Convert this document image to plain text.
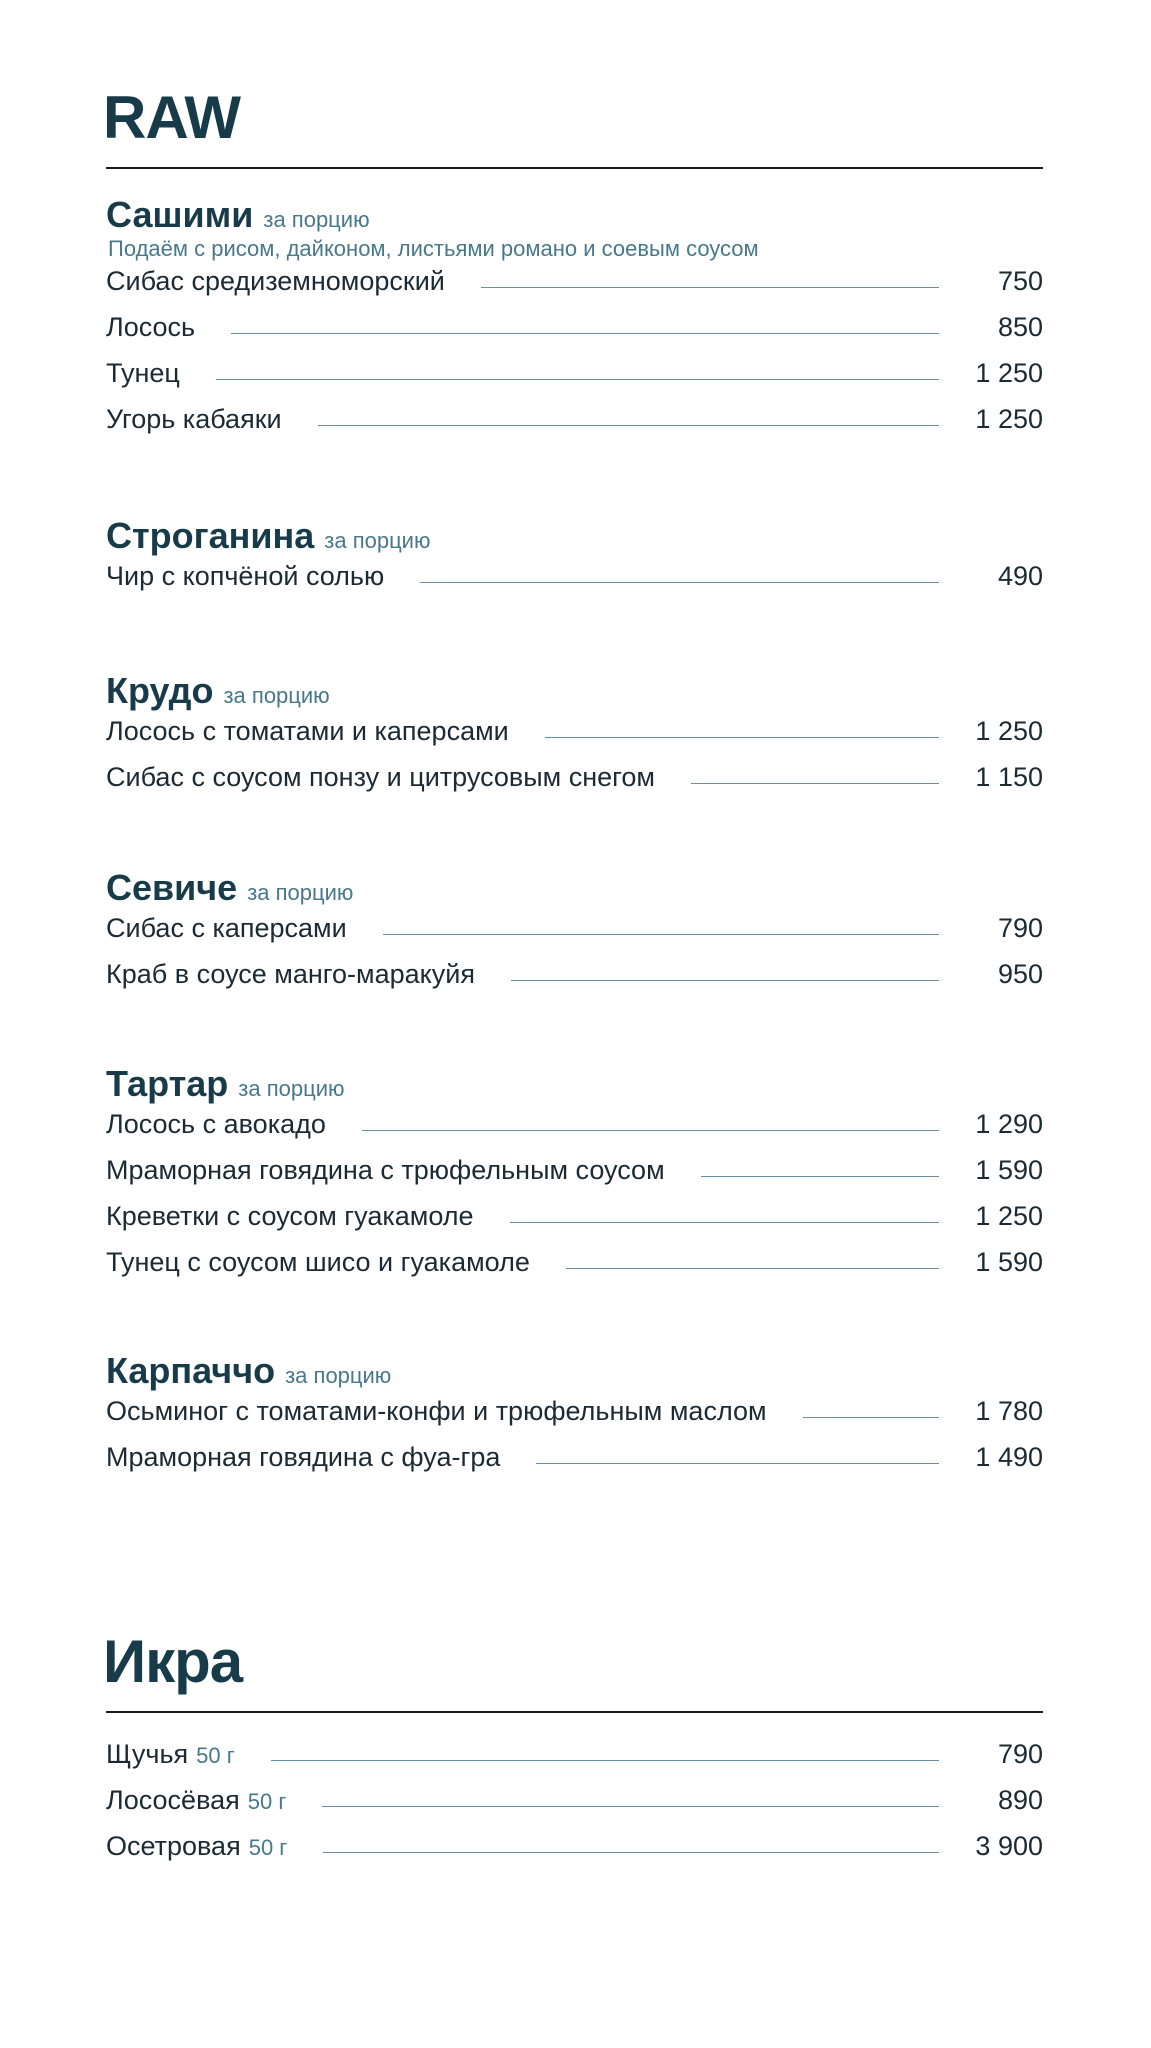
RAW
Сашими за порцию
Подаём с рисом, дайконом, листьями романо и соевым соусом
Сибас средиземноморский	750
Лосось	850
Тунец	1 250
Угорь кабаяки	1 250
Строганина за порцию
Чир с копчёной солью	490
Крудо за порцию
Лосось с томатами и каперсами	1 250
Сибас с соусом понзу и цитрусовым снегом	1 150
Севиче за порцию
Сибас с каперсами	790
Краб в соусе манго-маракуйя	950
Тартар за порцию
Лосось с авокадо	1 290
Мраморная говядина с трюфельным соусом	1 590
Креветки с соусом гуакамоле	1 250
Тунец с соусом шисо и гуакамоле	1 590
Карпаччо за порцию
Осьминог с томатами-конфи и трюфельным маслом	1 780
Мраморная говядина с фуа-гра	1 490
Икра
Щучья 50 г	790
Лососёвая 50 г	890
Осетровая 50 г	3 900
